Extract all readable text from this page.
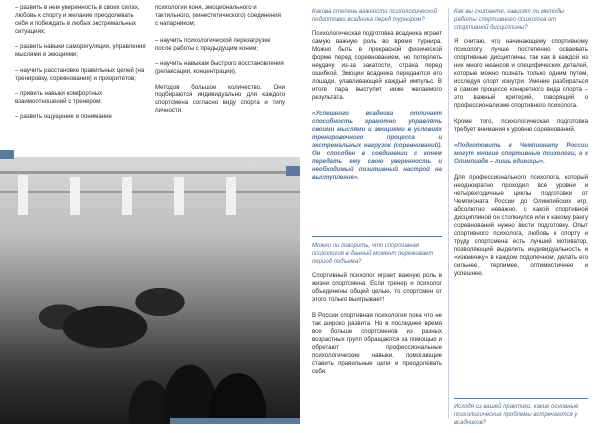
– развить в нем уверенность в своих силах, любовь к спорту и желание преодолевать себя и побеждать в любых экстремальных ситуациях;

– развить навыки саморегуляции, управления мыслями и эмоциями;

– научить расстановке правильных целей (на тренировку, соревнования) и приоритетов;

– привить навыки комфортных взаимоотношений с тренером;

– развить ощущение и понимание

психологии коня, эмоционального и тактильного, (кинестетического) соединения с напарником;

– научить психологической перезагрузке после работы с предыдущим конем;

– научить навыкам быстрого восстановления (релаксации, концентрации).

Методов большое количество. Они подбираются индивидуально для каждого спортсмена согласно виду спорта и типу личности.

Какова степень важности психологической подготовки всадника перед турниром?

Психологическая подготовка всадника играет самую важную роль во время турнира. Можно быть в прекрасной физической форме перед соревнованием, но потерпеть неудачу из-за закатости, страха перед ошибкой. Эмоции всадника передаются его лошади, улавливающей каждый импульс. В итоге пара выступит ниже желаемого результата.

«Успешного всадника отличает способность грамотно управлять своими мыслями и эмоциями в условиях тренировочного процесса и экстремальных нагрузок (соревнований). Он способен в соединении с конем передать ему свою уверенность и необходимый позитивный настрой на выступление».

Можно ли говорить, что спортивная психология в данный момент переживает период подъема?

Спортивный психолог играет важную роль в жизни спортсмена. Если тренер и психолог объединены общей целью, то спортсмен от этого только выигрывает!

В России спортивная психология пока что не так широко развита. Но в последнее время все больше спортсменов из разных возрастных групп обращаются за помощью и обретают профессиональные психологические навыки, помогающие ставить правильные цели и преодолевать себя.

Как вы считаете, зависят ли методы работы спортивного психолога от спортивной дисциплины?

Я считаю, что начинающему спортивному психологу лучше постепенно осваивать спортивные дисциплины, так как в каждой из них много нюансов и специфических деталей, которые можно познать только одним путем, исследуя спорт изнутри. Умение разбираться в самом процессе конкретного вида спорта – это важный критерий, говорящий о профессионализме спортивного психолога.

Кроме того, психологическая подготовка требует внимания к уровню соревнований.

«Подготовить к Чемпионату России могут многие спортивные психологи, а к Олимпиаде – лишь единицы».

Для профессионального психолога, который неоднократно проходил все уровни и четырехгодичные циклы подготовки от Чемпионата России до Олимпийских игр, абсолютно неважно, с какой спортивной дисциплиной он столкнулся или к какому рангу соревнований нужно вести подготовку. Опыт спортивного психолога, любовь к спорту и труду спортсмена есть лучший мотиватор, позволяющий выделить индивидуальность и «изюминку» в каждом подопечном, делать его сильнее, терпимее, оптимистичнее и успешнее.

Исходя из вашей практики, какие основные психологические проблемы встречаются у всадников?
